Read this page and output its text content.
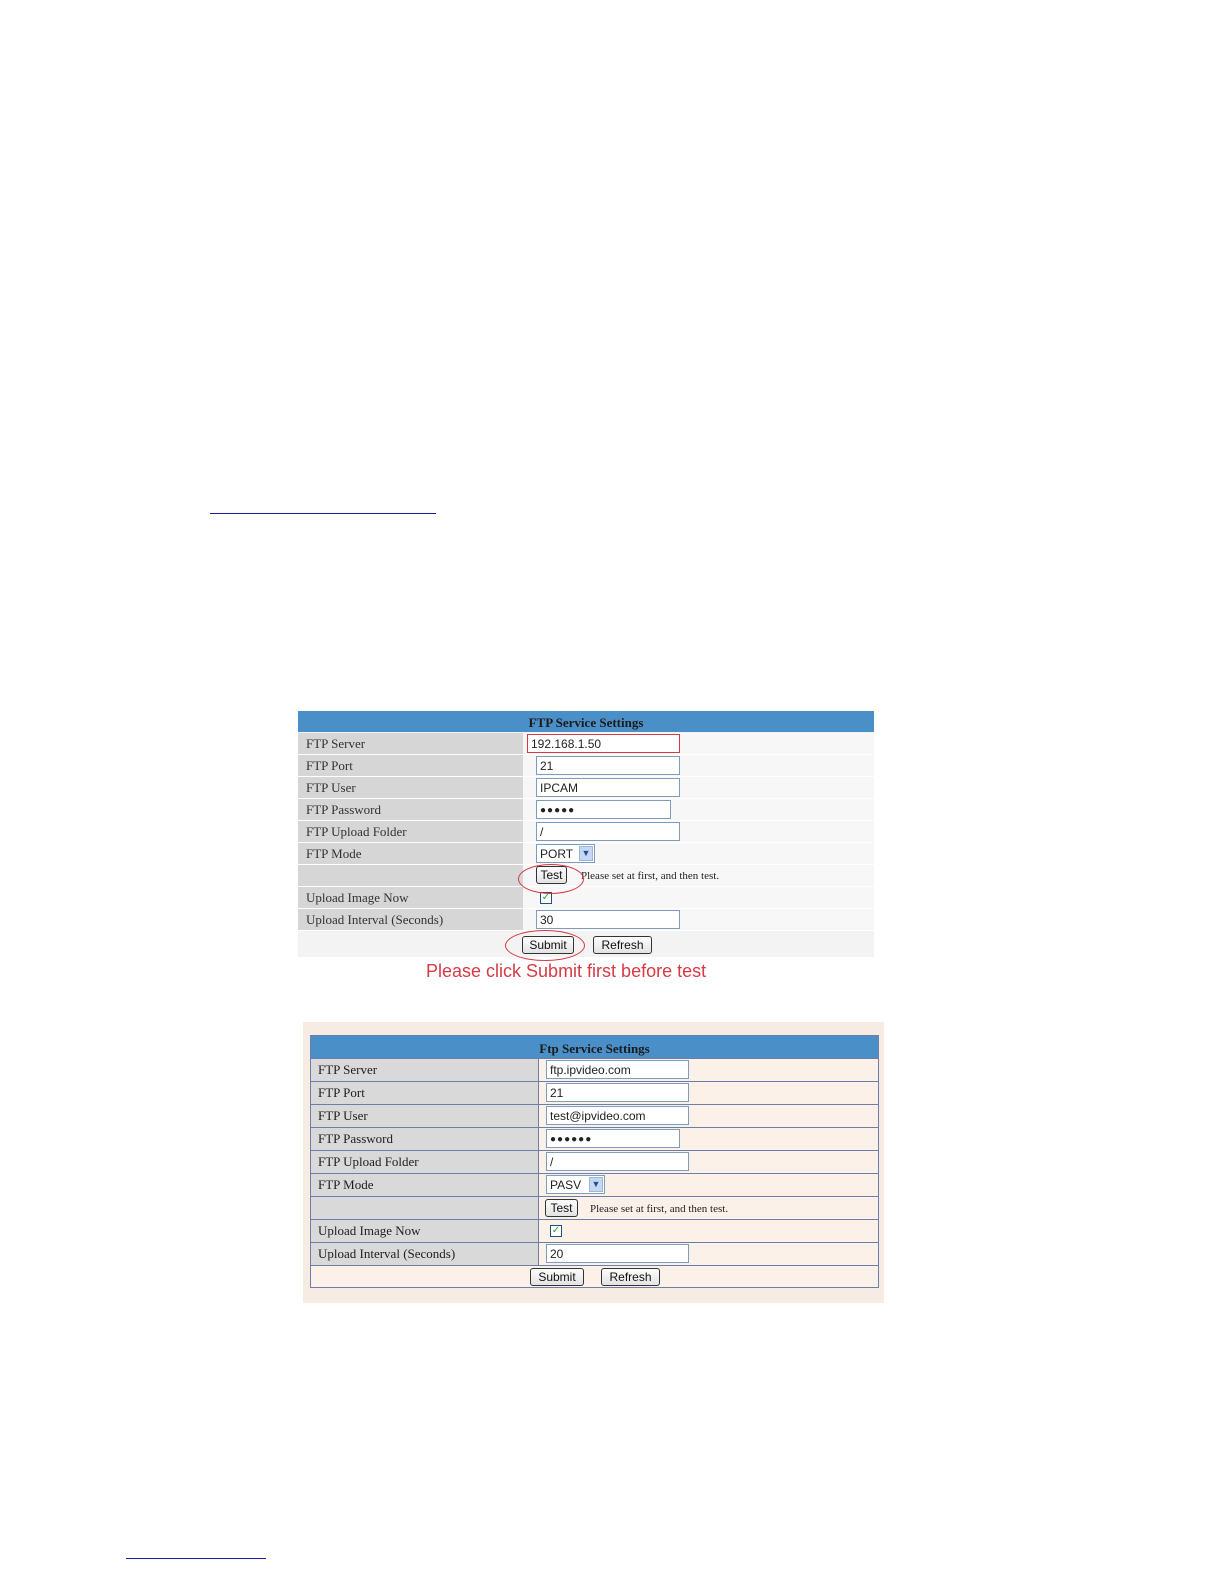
FTP Service Settings
FTP Server	192.168.1.50
FTP Port	21
FTP User	IPCAM
FTP Password	●●●●●
FTP Upload Folder	/
FTP Mode	PORT ▼
Test	Please set at first, and then test.
Upload Image Now	✓
Upload Interval (Seconds)	30
Submit	Refresh
Please click Submit first before test
Ftp Service Settings
FTP Server	ftp.ipvideo.com
FTP Port	21
FTP User	test@ipvideo.com
FTP Password	●●●●●●
FTP Upload Folder	/
FTP Mode	PASV ▼
Test	Please set at first, and then test.
Upload Image Now	✓
Upload Interval (Seconds)	20
Submit	Refresh
